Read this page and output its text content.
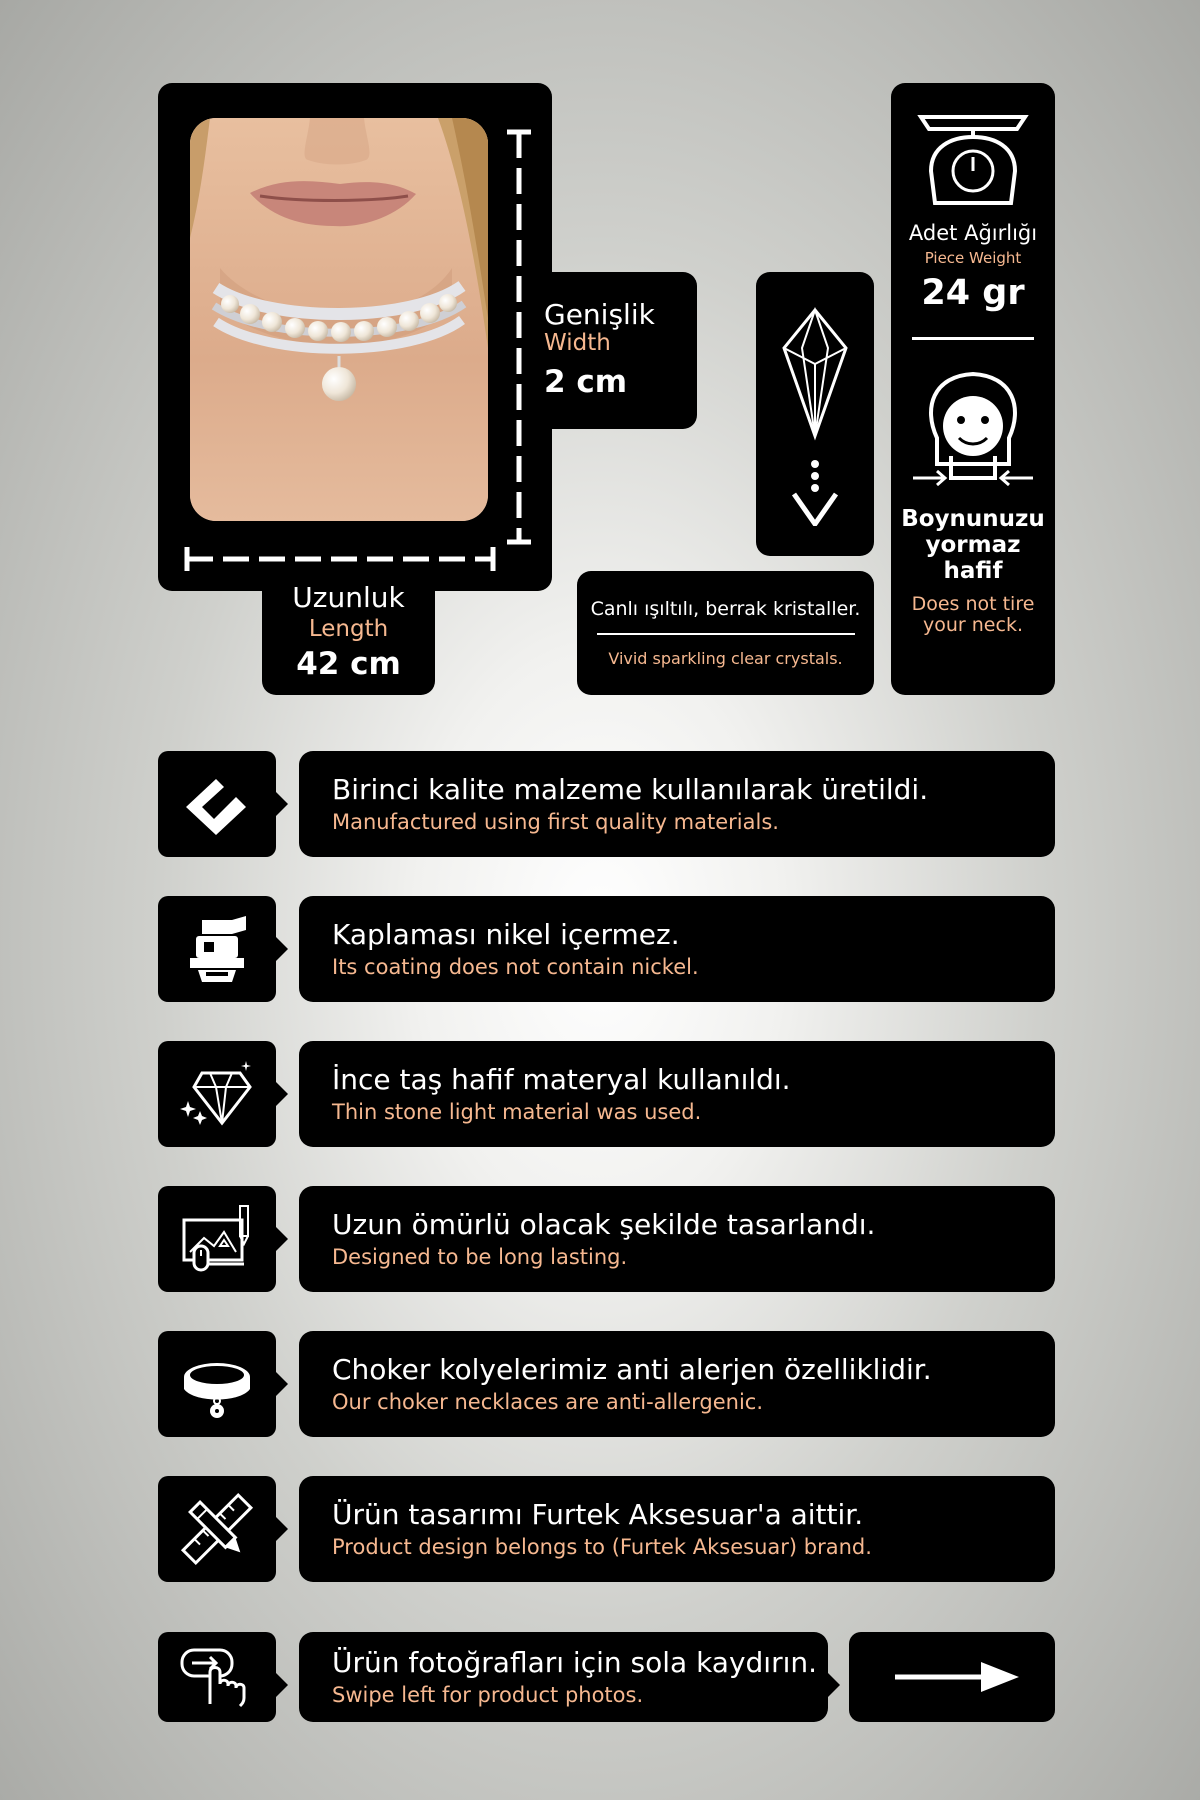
Genişlik
Width
2 cm
Uzunluk
Length
42 cm
Canlı ışıltılı, berrak kristaller.
Vivid sparkling clear crystals.
Adet Ağırlığı
Piece Weight
24 gr
Boynunuzu
yormaz
hafif
Does not tire
your neck.
Birinci kalite malzeme kullanılarak üretildi.
Manufactured using first quality materials.
Kaplaması nikel içermez.
Its coating does not contain nickel.
İnce taş hafif materyal kullanıldı.
Thin stone light material was used.
Uzun ömürlü olacak şekilde tasarlandı.
Designed to be long lasting.
Choker kolyelerimiz anti alerjen özelliklidir.
Our choker necklaces are anti-allergenic.
Ürün tasarımı Furtek Aksesuar'a aittir.
Product design belongs to (Furtek Aksesuar) brand.
Ürün fotoğrafları için sola kaydırın.
Swipe left for product photos.
